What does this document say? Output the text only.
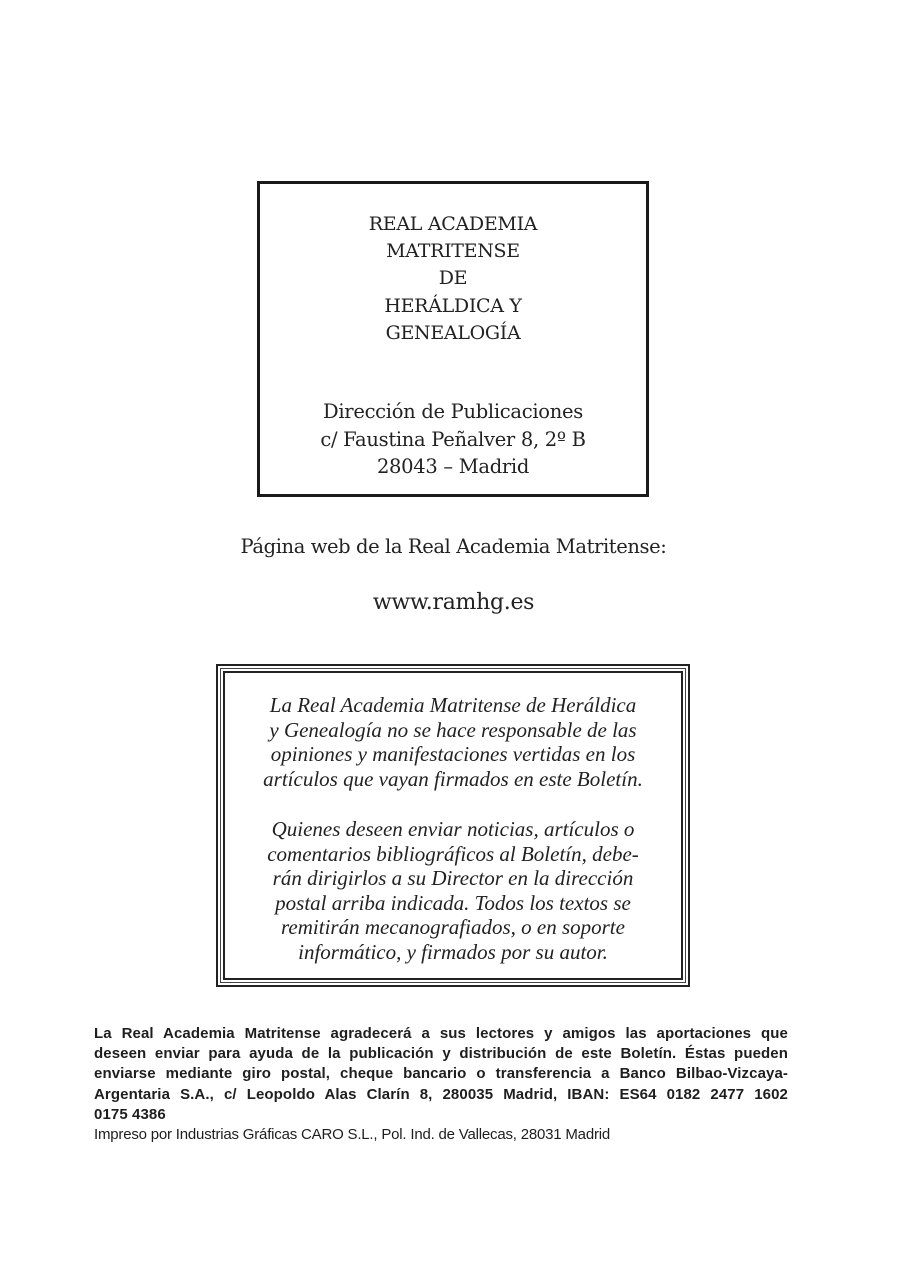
REAL ACADEMIA
MATRITENSE
DE
HERÁLDICA Y
GENEALOGÍA
Dirección de Publicaciones
c/ Faustina Peñalver 8, 2º B
28043 – Madrid
Página web de la Real Academia Matritense:
www.ramhg.es
La Real Academia Matritense de Heráldica
y Genealogía no se hace responsable de las
opiniones y manifestaciones vertidas en los
artículos que vayan firmados en este Boletín.
Quienes deseen enviar noticias, artículos o
comentarios bibliográficos al Boletín, debe-
rán dirigirlos a su Director en la dirección
postal arriba indicada. Todos los textos se
remitirán mecanografiados, o en soporte
informático, y firmados por su autor.
La Real Academia Matritense agradecerá a sus lectores y amigos las aportaciones que
deseen enviar para ayuda de la publicación y distribución de este Boletín. Éstas pueden
enviarse mediante giro postal, cheque bancario o transferencia a Banco Bilbao-Vizcaya-
Argentaria S.A., c/ Leopoldo Alas Clarín 8, 280035 Madrid, IBAN: ES64 0182 2477 1602
0175 4386
Impreso por Industrias Gráficas CARO S.L., Pol. Ind. de Vallecas, 28031 Madrid
